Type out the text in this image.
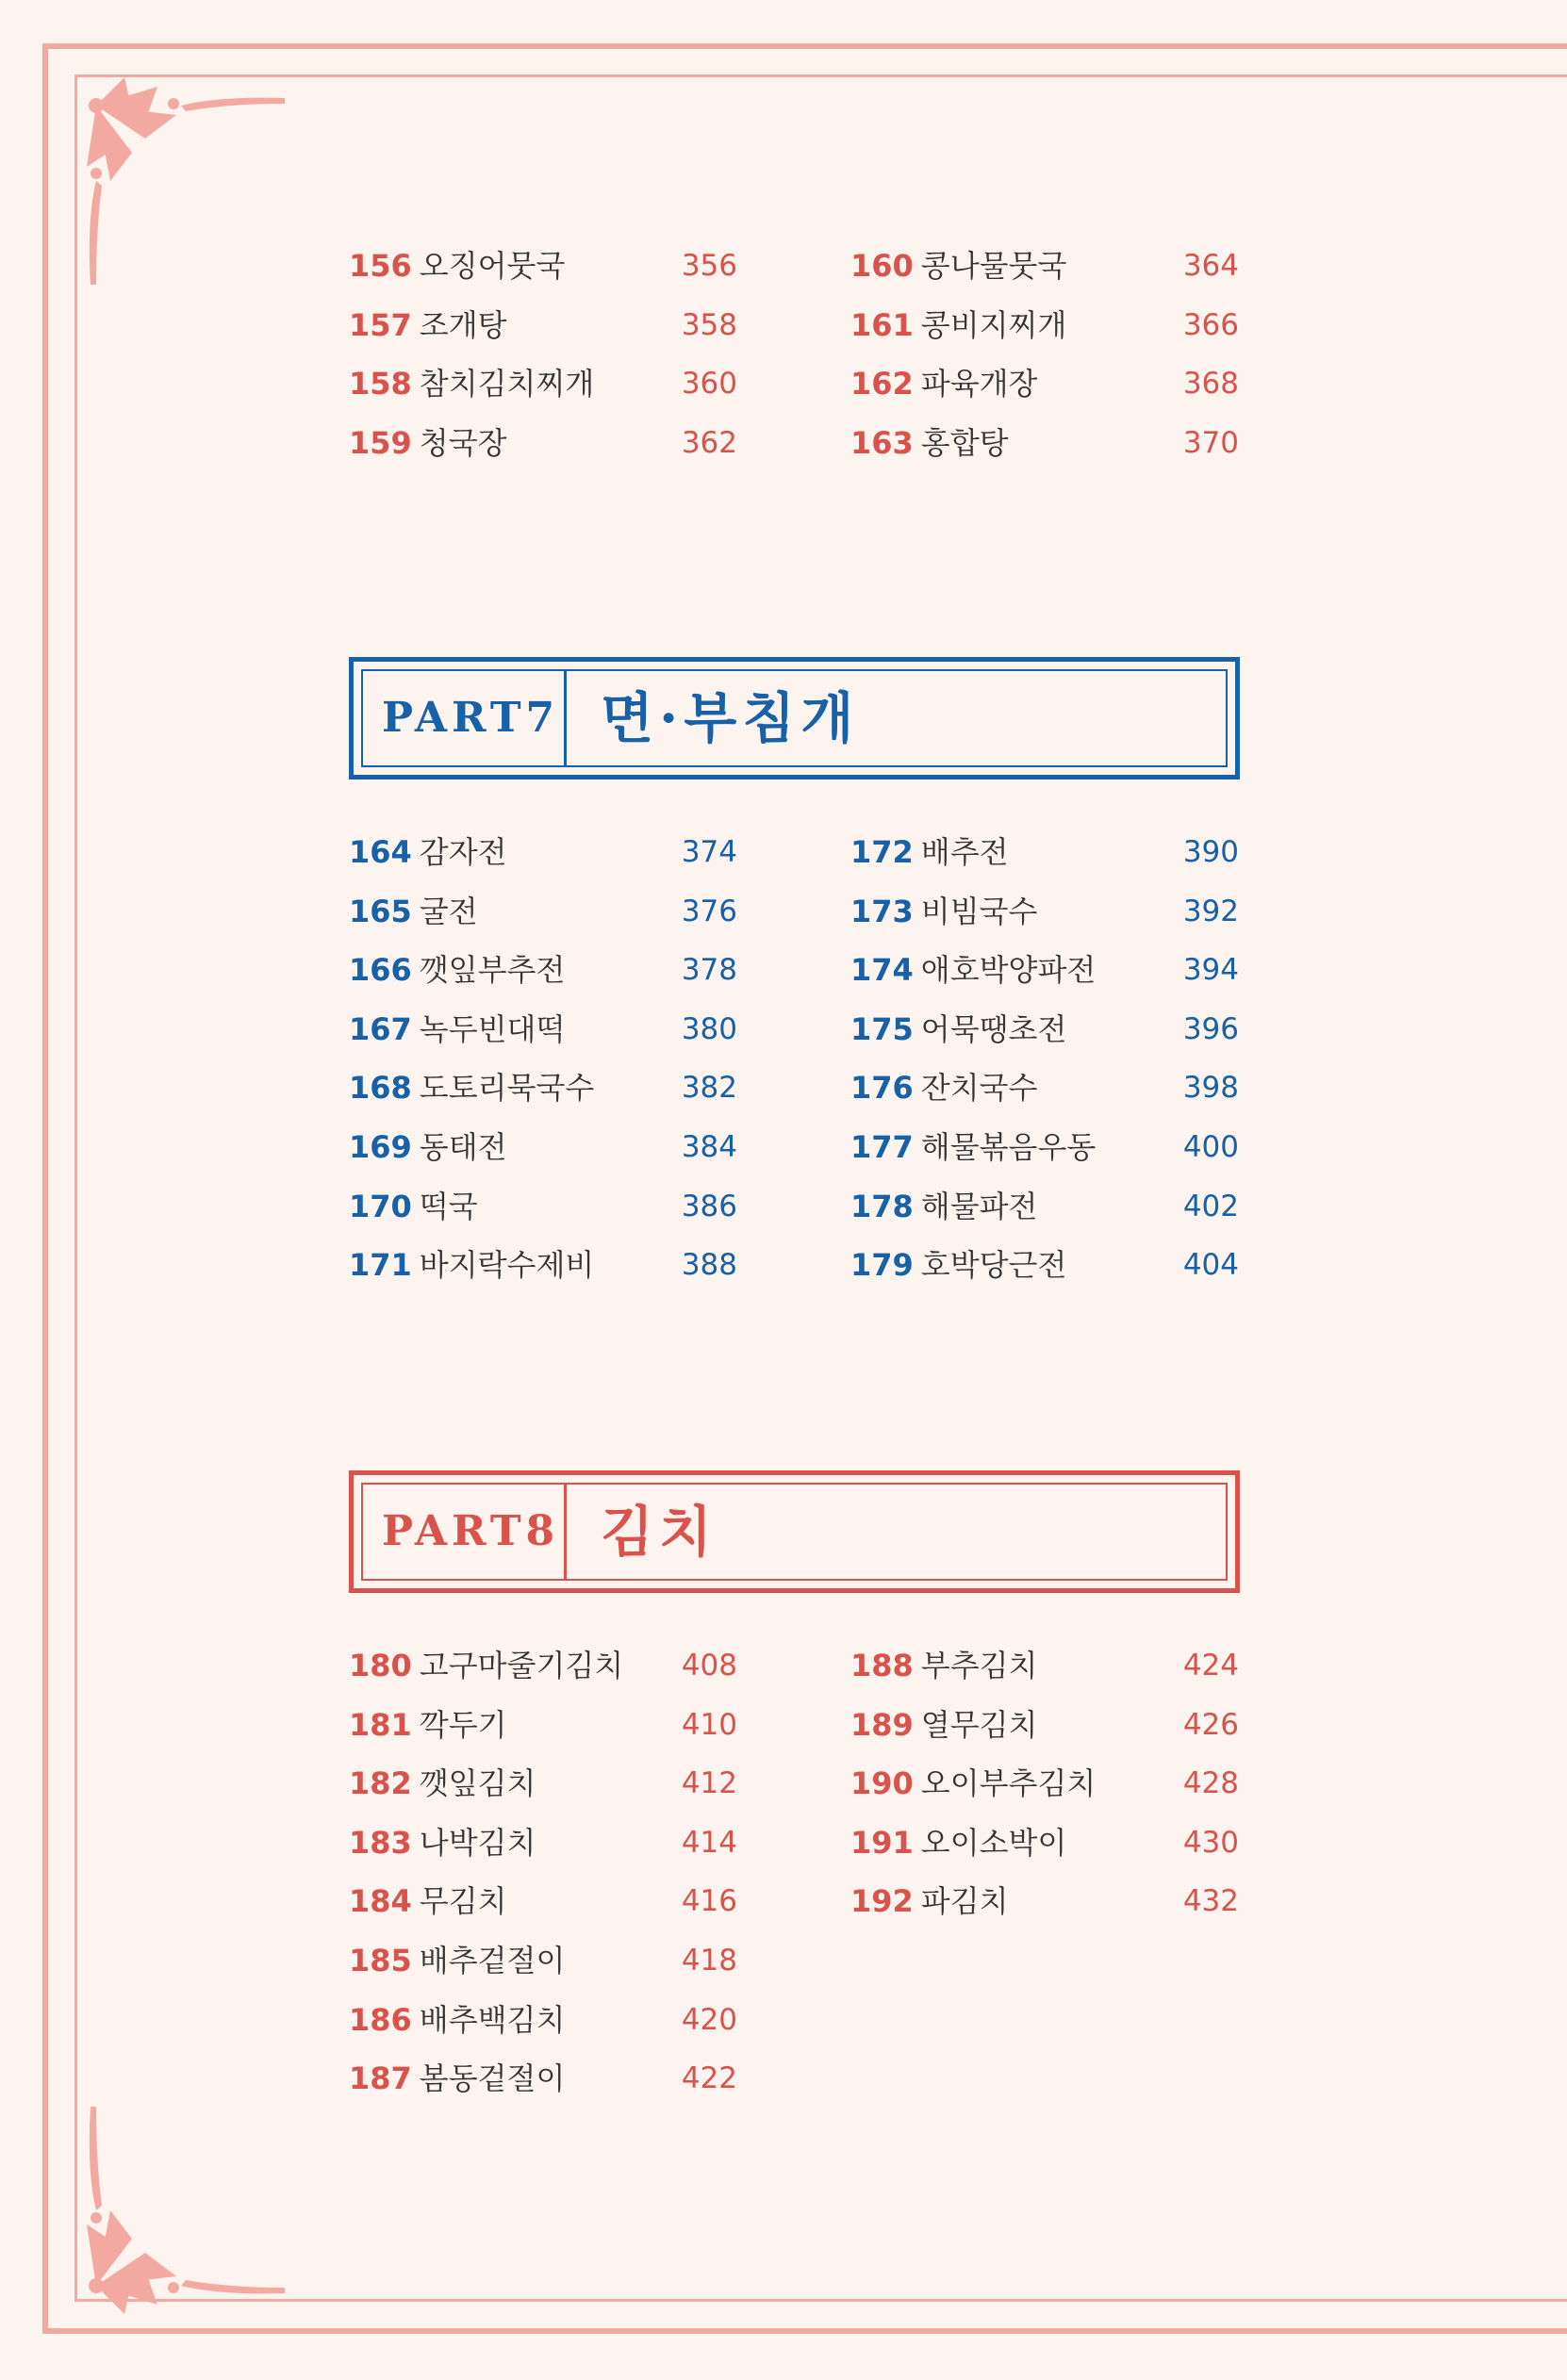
156 오징어뭇국	356
157 조개탕	358
158 참치김치찌개	360
159 청국장	362
160 콩나물뭇국	364
161 콩비지찌개	366
162 파육개장	368
163 홍합탕	370
PART7 면·부침개
164 감자전	374
165 굴전	376
166 깻잎부추전	378
167 녹두빈대떡	380
168 도토리묵국수	382
169 동태전	384
170 떡국	386
171 바지락수제비	388
172 배추전	390
173 비빔국수	392
174 애호박양파전	394
175 어묵땡초전	396
176 잔치국수	398
177 해물볶음우동	400
178 해물파전	402
179 호박당근전	404
PART8 김치
180 고구마줄기김치 408
181 깍두기	410
182 깻잎김치	412
183 나박김치	414
184 무김치	416
185 배추겉절이	418
186 배추백김치	420
187 봄동겉절이	422
188 부추김치	424
189 열무김치	426
190 오이부추김치	428
191 오이소박이	430
192 파김치	432
